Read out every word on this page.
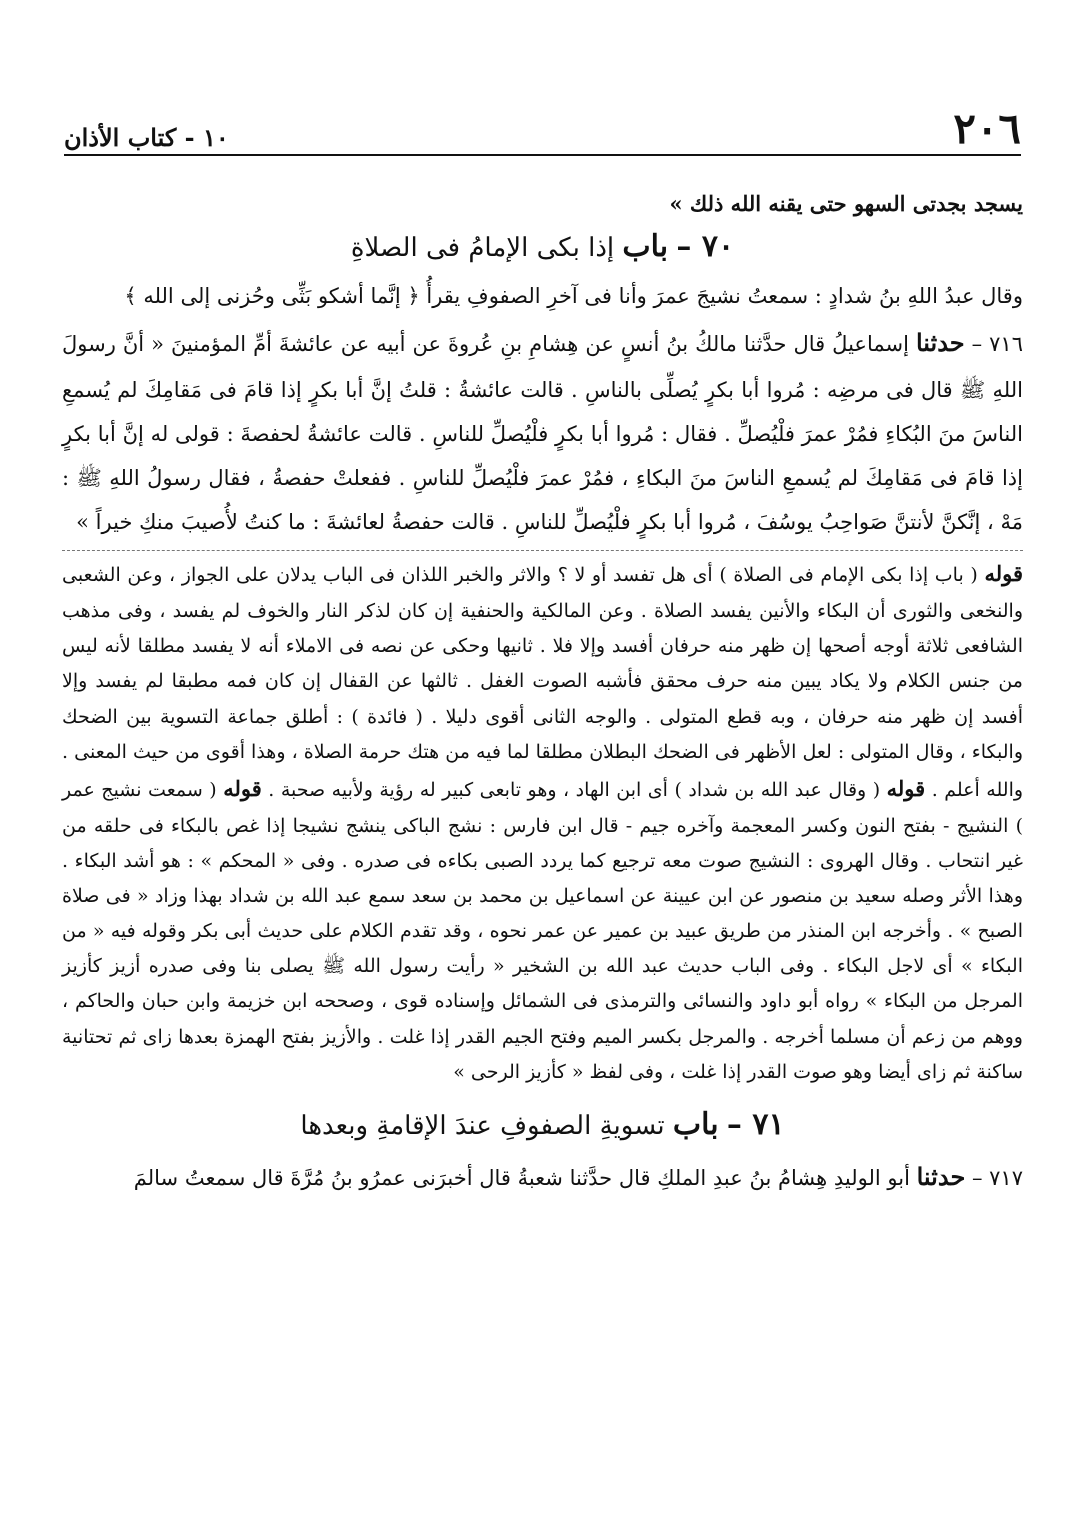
٢٠٦
١٠ - كتاب الأذان

يسجد بجدتى السهو حتى يقنه الله ذلك »

٧٠ – باب إذا بكى الإمامُ فى الصلاةِ

وقال عبدُ اللهِ بنُ شدادٍ : سمعتُ نشيجَ عمرَ وأنا فى آخرِ الصفوفِ يقرأُ ﴿ إنَّما أشكو بَثِّى وحُزنى إلى الله ﴾

٧١٦ – حدثنا إسماعيلُ قال حدَّثنا مالكُ بنُ أنسٍ عن هِشامِ بنِ عُروةَ عن أبيه عن عائشةَ أمِّ المؤمنينَ « أنَّ رسولَ اللهِ ﷺ قال فى مرضِه : مُروا أبا بكرٍ يُصلِّى بالناسِ . قالت عائشةُ : قلتُ إنَّ أبا بكرٍ إذا قامَ فى مَقامِكَ لم يُسمعِ الناسَ منَ البُكاءِ فمُرْ عمرَ فلْيُصلِّ . فقال : مُروا أبا بكرٍ فلْيُصلِّ للناسِ . قالت عائشةُ لحفصةَ : قولى له إنَّ أبا بكرٍ إذا قامَ فى مَقامِكَ لم يُسمعِ الناسَ منَ البكاءِ ، فمُرْ عمرَ فلْيُصلِّ للناسِ . ففعلتْ حفصةُ ، فقال رسولُ اللهِ ﷺ : مَهْ ، إنَّكنَّ لأنتنَّ صَواحِبُ يوسُفَ ، مُروا أبا بكرٍ فلْيُصلِّ للناسِ . قالت حفصةُ لعائشةَ : ما كنتُ لأُصيبَ منكِ خيراً »

قوله ( باب إذا بكى الإمام فى الصلاة ) أى هل تفسد أو لا ؟ والاثر والخبر اللذان فى الباب يدلان على الجواز ، وعن الشعبى والنخعى والثورى أن البكاء والأنين يفسد الصلاة . وعن المالكية والحنفية إن كان لذكر النار والخوف لم يفسد ، وفى مذهب الشافعى ثلاثة أوجه أصحها إن ظهر منه حرفان أفسد وإلا فلا . ثانيها وحكى عن نصه فى الاملاء أنه لا يفسد مطلقا لأنه ليس من جنس الكلام ولا يكاد يبين منه حرف محقق فأشبه الصوت الغفل . ثالثها عن القفال إن كان فمه مطبقا لم يفسد وإلا أفسد إن ظهر منه حرفان ، وبه قطع المتولى . والوجه الثانى أقوى دليلا . ( فائدة ) : أطلق جماعة التسوية بين الضحك والبكاء ، وقال المتولى : لعل الأظهر فى الضحك البطلان مطلقا لما فيه من هتك حرمة الصلاة ، وهذا أقوى من حيث المعنى . والله أعلم . قوله ( وقال عبد الله بن شداد ) أى ابن الهاد ، وهو تابعى كبير له رؤية ولأبيه صحبة . قوله ( سمعت نشيج عمر ) النشيج - بفتح النون وكسر المعجمة وآخره جيم - قال ابن فارس : نشج الباكى ينشج نشيجا إذا غص بالبكاء فى حلقه من غير انتحاب . وقال الهروى : النشيج صوت معه ترجيع كما يردد الصبى بكاءه فى صدره . وفى « المحكم » : هو أشد البكاء . وهذا الأثر وصله سعيد بن منصور عن ابن عيينة عن اسماعيل بن محمد بن سعد سمع عبد الله بن شداد بهذا وزاد « فى صلاة الصبح » . وأخرجه ابن المنذر من طريق عبيد بن عمير عن عمر نحوه ، وقد تقدم الكلام على حديث أبى بكر وقوله فيه « من البكاء » أى لاجل البكاء . وفى الباب حديث عبد الله بن الشخير « رأيت رسول الله ﷺ يصلى بنا وفى صدره أزيز كأزيز المرجل من البكاء » رواه أبو داود والنسائى والترمذى فى الشمائل وإسناده قوى ، وصححه ابن خزيمة وابن حبان والحاكم ، ووهم من زعم أن مسلما أخرجه . والمرجل بكسر الميم وفتح الجيم القدر إذا غلت . والأزيز بفتح الهمزة بعدها زاى ثم تحتانية ساكنة ثم زاى أيضا وهو صوت القدر إذا غلت ، وفى لفظ « كأزيز الرحى »

٧١ – باب تسويةِ الصفوفِ عندَ الإقامةِ وبعدها

٧١٧ – حدثنا أبو الوليدِ هِشامُ بنُ عبدِ الملكِ قال حدَّثنا شعبةُ قال أخبرَنى عمرُو بنُ مُرَّةَ قال سمعتُ سالمَ
